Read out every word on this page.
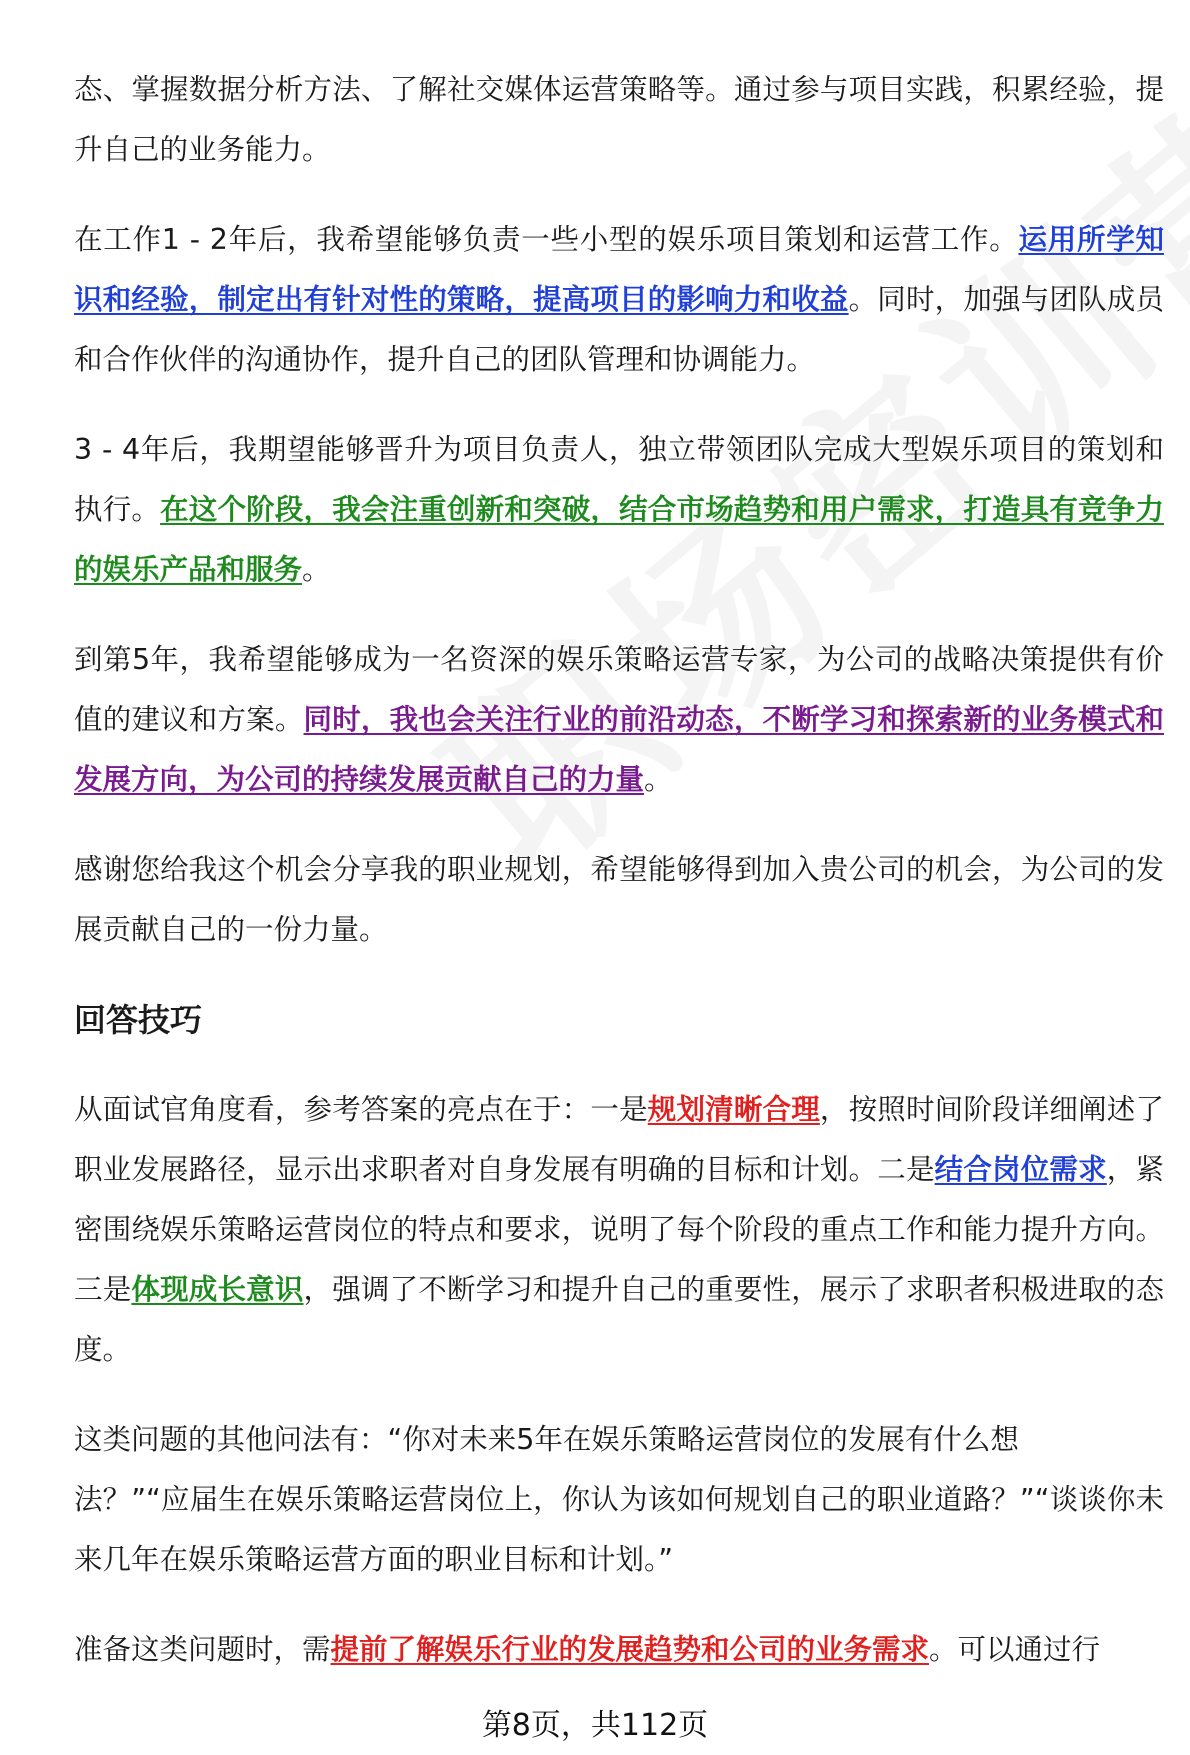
态、掌握数据分析方法、了解社交媒体运营策略等。通过参与项目实践，积累经验，提升自己的业务能力。

在工作1 - 2年后，我希望能够负责一些小型的娱乐项目策划和运营工作。运用所学知识和经验，制定出有针对性的策略，提高项目的影响力和收益。同时，加强与团队成员和合作伙伴的沟通协作，提升自己的团队管理和协调能力。

3 - 4年后，我期望能够晋升为项目负责人，独立带领团队完成大型娱乐项目的策划和执行。在这个阶段，我会注重创新和突破，结合市场趋势和用户需求，打造具有竞争力的娱乐产品和服务。

到第5年，我希望能够成为一名资深的娱乐策略运营专家，为公司的战略决策提供有价值的建议和方案。同时，我也会关注行业的前沿动态，不断学习和探索新的业务模式和发展方向，为公司的持续发展贡献自己的力量。

感谢您给我这个机会分享我的职业规划，希望能够得到加入贵公司的机会，为公司的发展贡献自己的一份力量。

回答技巧

从面试官角度看，参考答案的亮点在于：一是规划清晰合理，按照时间阶段详细阐述了职业发展路径，显示出求职者对自身发展有明确的目标和计划。二是结合岗位需求，紧密围绕娱乐策略运营岗位的特点和要求，说明了每个阶段的重点工作和能力提升方向。三是体现成长意识，强调了不断学习和提升自己的重要性，展示了求职者积极进取的态度。

这类问题的其他问法有：“你对未来5年在娱乐策略运营岗位的发展有什么想
法？”“应届生在娱乐策略运营岗位上，你认为该如何规划自己的职业道路？”“谈谈你未来几年在娱乐策略运营方面的职业目标和计划。”

准备这类问题时，需提前了解娱乐行业的发展趋势和公司的业务需求。可以通过行

第8页，共112页
